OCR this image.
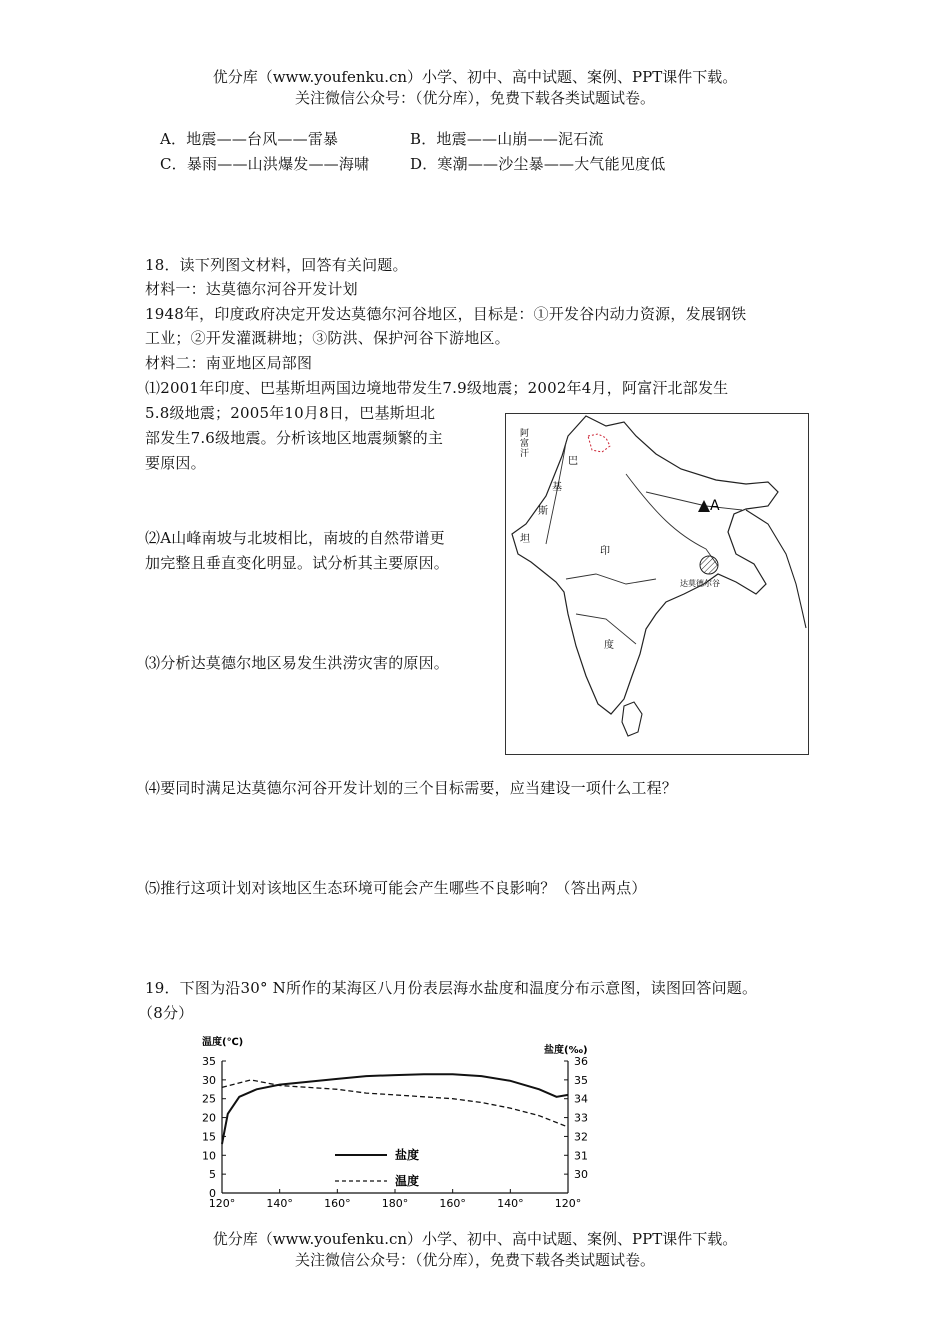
优分库（www.youfenku.cn）小学、初中、高中试题、案例、PPT课件下载。
关注微信公众号：（优分库），免费下载各类试题试卷。
A．地震——台风——雷暴	B．地震——山崩——泥石流
C．暴雨——山洪爆发——海啸	D．寒潮——沙尘暴——大气能见度低
18．读下列图文材料，回答有关问题。
材料一：达莫德尔河谷开发计划
1948年，印度政府决定开发达莫德尔河谷地区，目标是：①开发谷内动力资源，发展钢铁
工业；②开发灌溉耕地；③防洪、保护河谷下游地区。
材料二：南亚地区局部图
⑴2001年印度、巴基斯坦两国边境地带发生7.9级地震；2002年4月，阿富汗北部发生
5.8级地震；2005年10月8日，巴基斯坦北
部发生7.6级地震。分析该地区地震频繁的主
要原因。
⑵A山峰南坡与北坡相比，南坡的自然带谱更
加完整且垂直变化明显。试分析其主要原因。
⑶分析达莫德尔地区易发生洪涝灾害的原因。
⑷要同时满足达莫德尔河谷开发计划的三个目标需要，应当建设一项什么工程？
⑸推行这项计划对该地区生态环境可能会产生哪些不良影响？（答出两点）
阿
富
汗
巴
基
斯
坦
印
度
A
达莫德尔谷
19．下图为沿30° N所作的某海区八月份表层海水盐度和温度分布示意图，读图回答问题。
（8分）
温度(℃)
盐度(‰)
0
5
10
15
20
25
30
35
30
31
32
33
34
35
36
120°	140°	160°	180°	160°	140°	120°
盐度
温度
优分库（www.youfenku.cn）小学、初中、高中试题、案例、PPT课件下载。
关注微信公众号：（优分库），免费下载各类试题试卷。
